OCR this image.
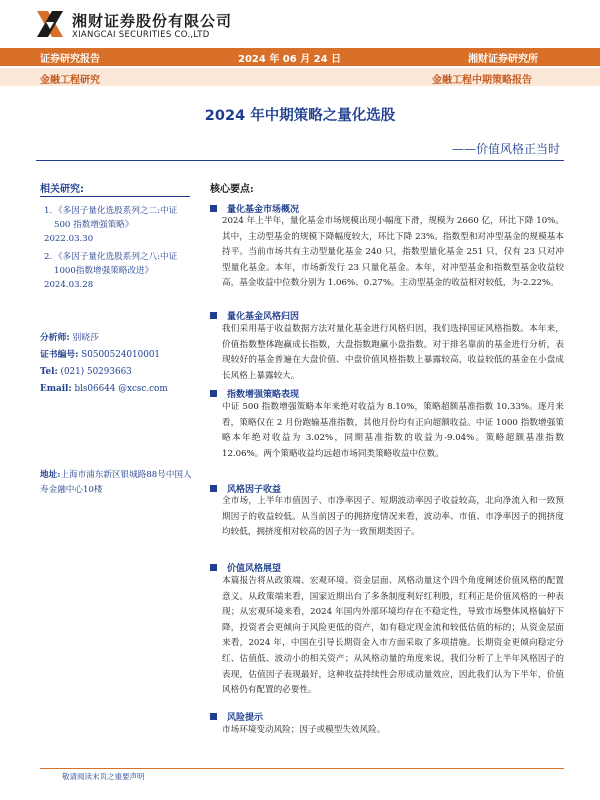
湘财证券股份有限公司
XIANGCAI SECURITIES CO.,LTD
证券研究报告	2024 年 06 月 24 日	湘财证券研究所
金融工程研究	金融工程中期策略报告
2024 年中期策略之量化选股
——价值风格正当时
相关研究:
1. 《多因子量化选股系列之二:中证 500 指数增强策略》
2022.03.30
2. 《多因子量化选股系列之八:中证1000指数增强策略改进》
2024.03.28
分析师: 别晓莎
证书编号: S0500524010001
Tel: (021) 50293663
Email: bls06644 @xcsc.com
地址:上海市浦东新区银城路88号中国人寿金融中心10楼
核心要点:
量化基金市场概况
2024 年上半年，量化基金市场规模出现小幅度下滑，规模为 2660 亿，环比下降 10%。其中，主动型基金的规模下降幅度较大，环比下降 23%。指数型和对冲型基金的规模基本持平。当前市场共有主动型量化基金 240 只，指数型量化基金 251 只，仅有 23 只对冲型量化基金。本年，市场新发行 23 只量化基金。本年，对冲型基金和指数型基金收益较高，基金收益中位数分别为 1.06%、0.27%。主动型基金的收益相对较低，为-2.22%。
量化基金风格归因
我们采用基于收益数据方法对量化基金进行风格归因，我们选择国证风格指数。本年来，价值指数整体跑赢成长指数，大盘指数跑赢小盘指数。对于排名靠前的基金进行分析，表现较好的基金普遍在大盘价值、中盘价值风格指数上暴露较高，收益较低的基金在小盘成长风格上暴露较大。
指数增强策略表现
中证 500 指数增强策略本年来绝对收益为 8.10%，策略超额基准指数 10.33%。逐月来看，策略仅在 2 月份跑输基准指数，其他月份均有正向超额收益。中证 1000 指数增强策略本年绝对收益为 3.02%，同期基准指数的收益为-9.04%。策略超额基准指数 12.06%。两个策略收益均远超市场同类策略收益中位数。
风格因子收益
全市场，上半年市值因子、市净率因子、短期波动率因子收益较高，北向净流入和一致预期因子的收益较低。从当前因子的拥挤度情况来看，波动率、市值、市净率因子的拥挤度均较低，拥挤度相对较高的因子为一致预期类因子。
价值风格展望
本篇报告将从政策端、宏观环境、资金层面、风格动量这个四个角度阐述价值风格的配置意义。从政策端来看，国家近期出台了多条制度利好红利股，红利正是价值风格的一种表现；从宏观环境来看，2024 年国内外部环境均存在不稳定性，导致市场整体风格偏好下降，投资者会更倾向于风险更低的资产，如有稳定现金流和较低估值的标的；从资金层面来看，2024 年，中国在引导长期资金入市方面采取了多项措施。长期资金更倾向稳定分红、估值低、波动小的相关资产；从风格动量的角度来说，我们分析了上半年风格因子的表现，估值因子表现最好，这种收益持续性会形成动量效应，因此我们认为下半年，价值风格仍有配置的必要性。
风险提示
市场环境变动风险；因子或模型失效风险。
敬请阅读末页之重要声明
